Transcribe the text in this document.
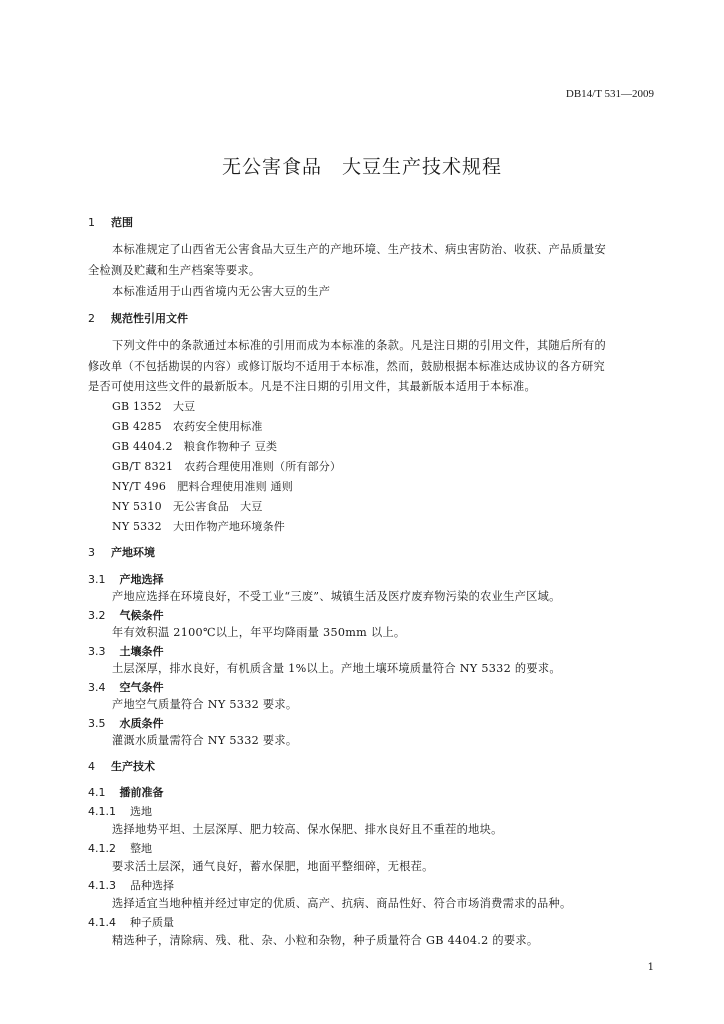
DB14/T 531—2009
无公害食品　大豆生产技术规程
1 范围
本标准规定了山西省无公害食品大豆生产的产地环境、生产技术、病虫害防治、收获、产品质量安
全检测及贮藏和生产档案等要求。
本标准适用于山西省境内无公害大豆的生产
2 规范性引用文件
下列文件中的条款通过本标准的引用而成为本标准的条款。凡是注日期的引用文件，其随后所有的
修改单（不包括勘误的内容）或修订版均不适用于本标准，然而，鼓励根据本标准达成协议的各方研究
是否可使用这些文件的最新版本。凡是不注日期的引用文件，其最新版本适用于本标准。
GB 1352　大豆
GB 4285　农药安全使用标准
GB 4404.2　粮食作物种子 豆类
GB/T 8321　农药合理使用准则（所有部分）
NY/T 496　肥料合理使用准则 通则
NY 5310　无公害食品　大豆
NY 5332　大田作物产地环境条件
3 产地环境
3.1 产地选择
产地应选择在环境良好，不受工业“三废”、城镇生活及医疗废弃物污染的农业生产区域。
3.2 气候条件
年有效积温 2100℃以上，年平均降雨量 350mm 以上。
3.3 土壤条件
土层深厚，排水良好，有机质含量 1%以上。产地土壤环境质量符合 NY 5332 的要求。
3.4 空气条件
产地空气质量符合 NY 5332 要求。
3.5 水质条件
灌溉水质量需符合 NY 5332 要求。
4 生产技术
4.1 播前准备
4.1.1 选地
选择地势平坦、土层深厚、肥力较高、保水保肥、排水良好且不重茬的地块。
4.1.2 整地
要求活土层深，通气良好，蓄水保肥，地面平整细碎，无根茬。
4.1.3 品种选择
选择适宜当地种植并经过审定的优质、高产、抗病、商品性好、符合市场消费需求的品种。
4.1.4 种子质量
精选种子，清除病、残、秕、杂、小粒和杂物，种子质量符合 GB 4404.2 的要求。
1
